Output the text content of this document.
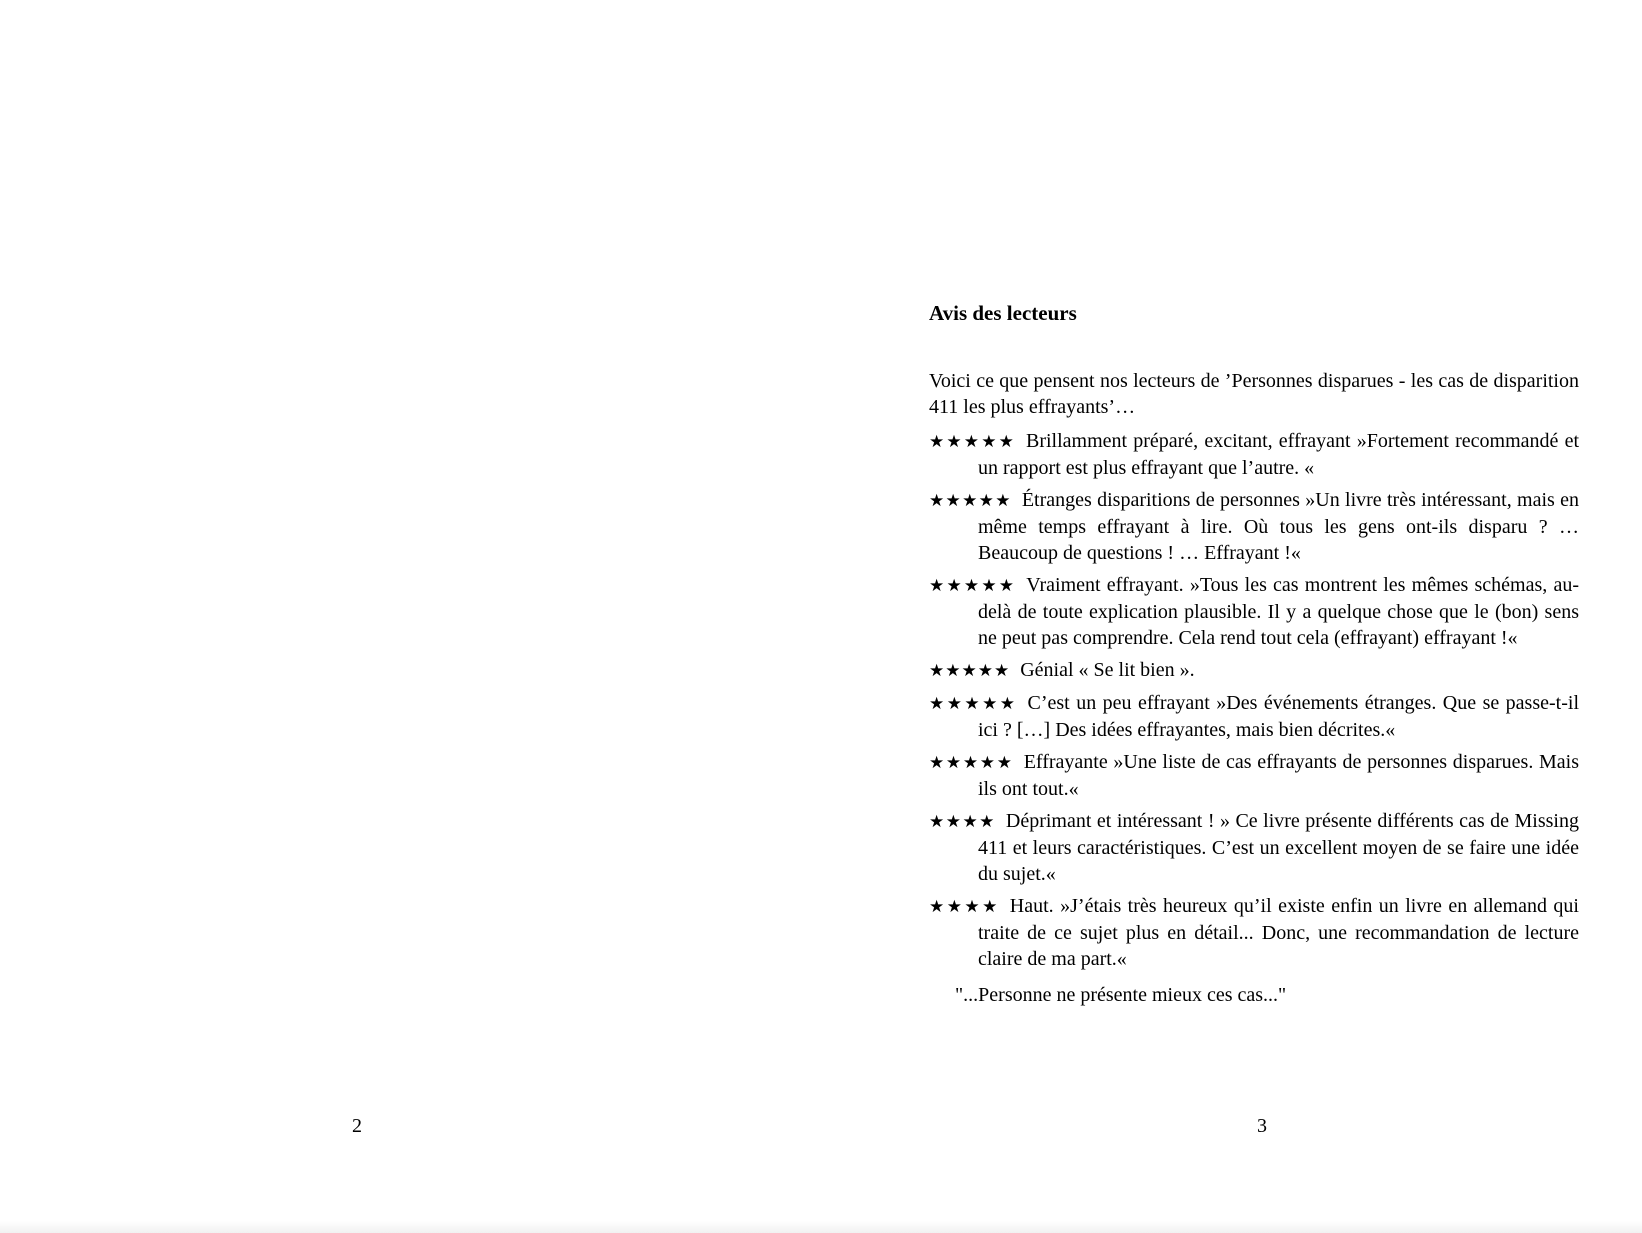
Avis des lecteurs

Voici ce que pensent nos lecteurs de ’Personnes disparues - les cas de disparition 411 les plus effrayants’…

★★★★★ Brillamment préparé, excitant, effrayant »Fortement recommandé et un rapport est plus effrayant que l’autre. «

★★★★★ Étranges disparitions de personnes »Un livre très intéressant, mais en même temps effrayant à lire. Où tous les gens ont-ils disparu ? … Beaucoup de questions ! … Effrayant !«

★★★★★ Vraiment effrayant. »Tous les cas montrent les mêmes schémas, au-delà de toute explication plausible. Il y a quelque chose que le (bon) sens ne peut pas comprendre. Cela rend tout cela (effrayant) effrayant !«

★★★★★ Génial « Se lit bien ».

★★★★★ C’est un peu effrayant »Des événements étranges. Que se passe-t-il ici ? […] Des idées effrayantes, mais bien décrites.«

★★★★★ Effrayante »Une liste de cas effrayants de personnes disparues. Mais ils ont tout.«

★★★★ Déprimant et intéressant ! » Ce livre présente différents cas de Missing 411 et leurs caractéristiques. C’est un excellent moyen de se faire une idée du sujet.«

★★★★ Haut. »J’étais très heureux qu’il existe enfin un livre en allemand qui traite de ce sujet plus en détail... Donc, une recommandation de lecture claire de ma part.«

"...Personne ne présente mieux ces cas..."

2	3
